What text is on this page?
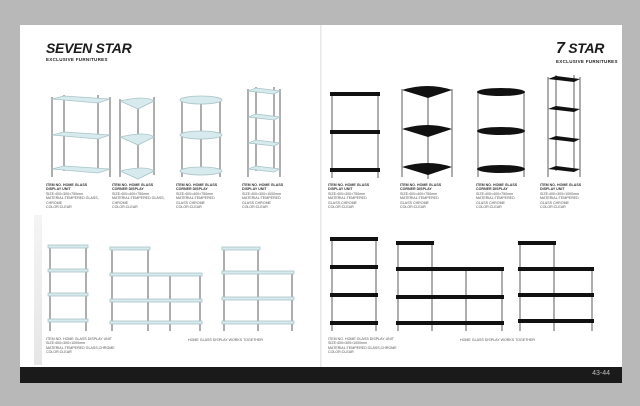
SEVEN STAR
EXCLUSIVE FURNITURES
7 STAR
EXCLUSIVE FURNITURES
ITEM NO. HOME GLASS DISPLAY UNIT
SIZE:400×300×750mm
MATERIAL:TEMPERED GLASS,
CHROME
COLOR:CLEAR
ITEM NO. HOME GLASS CORNER DISPLAY
SIZE:400×400×750mm
MATERIAL:TEMPERED GLASS,
CHROME
COLOR:CLEAR
ITEM NO. HOME GLASS CORNER DISPLAY
SIZE:400×400×750mm
MATERIAL:TEMPERED
GLASS CHROME
COLOR:CLEAR
ITEM NO. HOME GLASS DISPLAY UNIT
SIZE:400×300×1000mm
MATERIAL:TEMPERED
GLASS CHROME
COLOR:CLEAR
ITEM NO. HOME GLASS DISPLAY UNIT
SIZE:400×300×750mm
MATERIAL:TEMPERED
GLASS,CHROME
COLOR:CLEAR
ITEM NO. HOME GLASS CORNER DISPLAY
SIZE:400×400×750mm
MATERIAL:TEMPERED
GLASS CHROME
COLOR:CLEAR
ITEM NO. HOME GLASS CORNER DISPLAY
SIZE:400×400×750mm
MATERIAL:TEMPERED
GLASS CHROME
COLOR:CLEAR
ITEM NO. HOME GLASS DISPLAY UNIT
SIZE:400×300×1000mm
MATERIAL:TEMPERED
GLASS CHROME
COLOR:CLEAR
ITEM NO. HOME GLASS DISPLAY UNIT
SIZE:400×300×1000mm
MATERIAL:TEMPERED GLASS,CHROME
COLOR:CLEAR
HOME GLASS DISPLAY WORKS TOGETHER	ITEM NO. HOME GLASS DISPLAY UNIT
SIZE:400×300×1000mm
MATERIAL:TEMPERED GLASS,CHROME
COLOR:CLEAR
HOME GLASS DISPLAY WORKS TOGETHER
43-44
